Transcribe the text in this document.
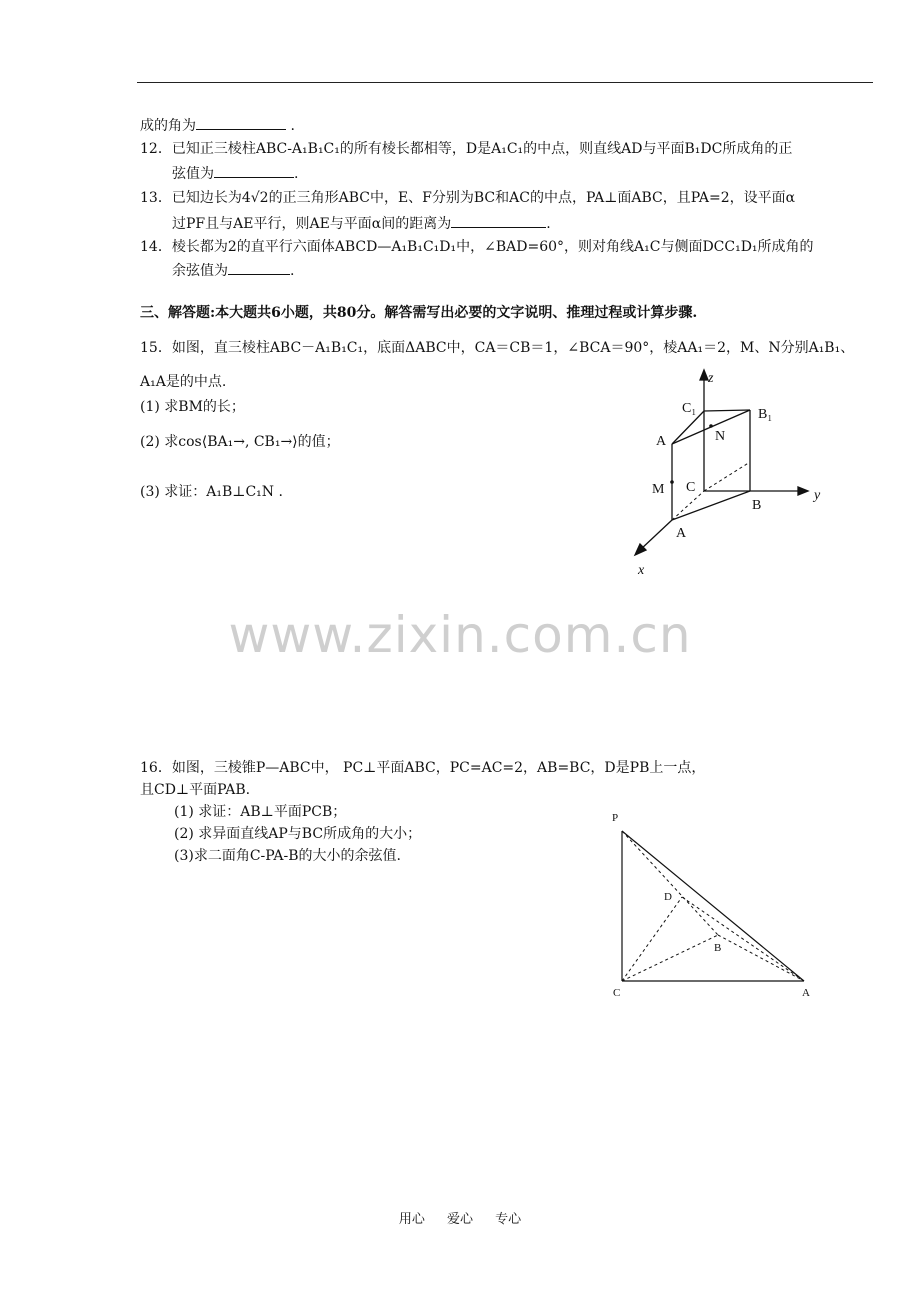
成的角为	.
12．已知正三棱柱ABC-A₁B₁C₁的所有棱长都相等，D是A₁C₁的中点，则直线AD与平面B₁DC所成角的正
弦值为	.
13．已知边长为4√2的正三角形ABC中，E、F分别为BC和AC的中点，PA⊥面ABC，且PA=2，设平面α
过PF且与AE平行，则AE与平面α间的距离为	.
14．棱长都为2的直平行六面体ABCD—A₁B₁C₁D₁中，∠BAD=60°，则对角线A₁C与侧面DCC₁D₁所成角的
余弦值为	.
三、解答题:本大题共6小题，共80分。解答需写出必要的文字说明、推理过程或计算步骤.
15．如图，直三棱柱ABC－A₁B₁C₁，底面ΔABC中，CA＝CB＝1，∠BCA＝90°，棱AA₁＝2，M、N分别A₁B₁、
A₁A是的中点.
(1) 求BM的长；
(2) 求cos⟨BA₁→, CB₁→⟩的值；
(3) 求证：A₁B⊥C₁N .
z
y
x
C₁	B₁
A	N
M C
B
A
www.zixin.com.cn
16．如图，三棱锥P—ABC中， PC⊥平面ABC，PC=AC=2，AB=BC，D是PB上一点，
且CD⊥平面PAB.
(1) 求证：AB⊥平面PCB；
(2) 求异面直线AP与BC所成角的大小；
(3)求二面角C-PA-B的大小的余弦值.
P
D
B
C	A
用心 爱心 专心
